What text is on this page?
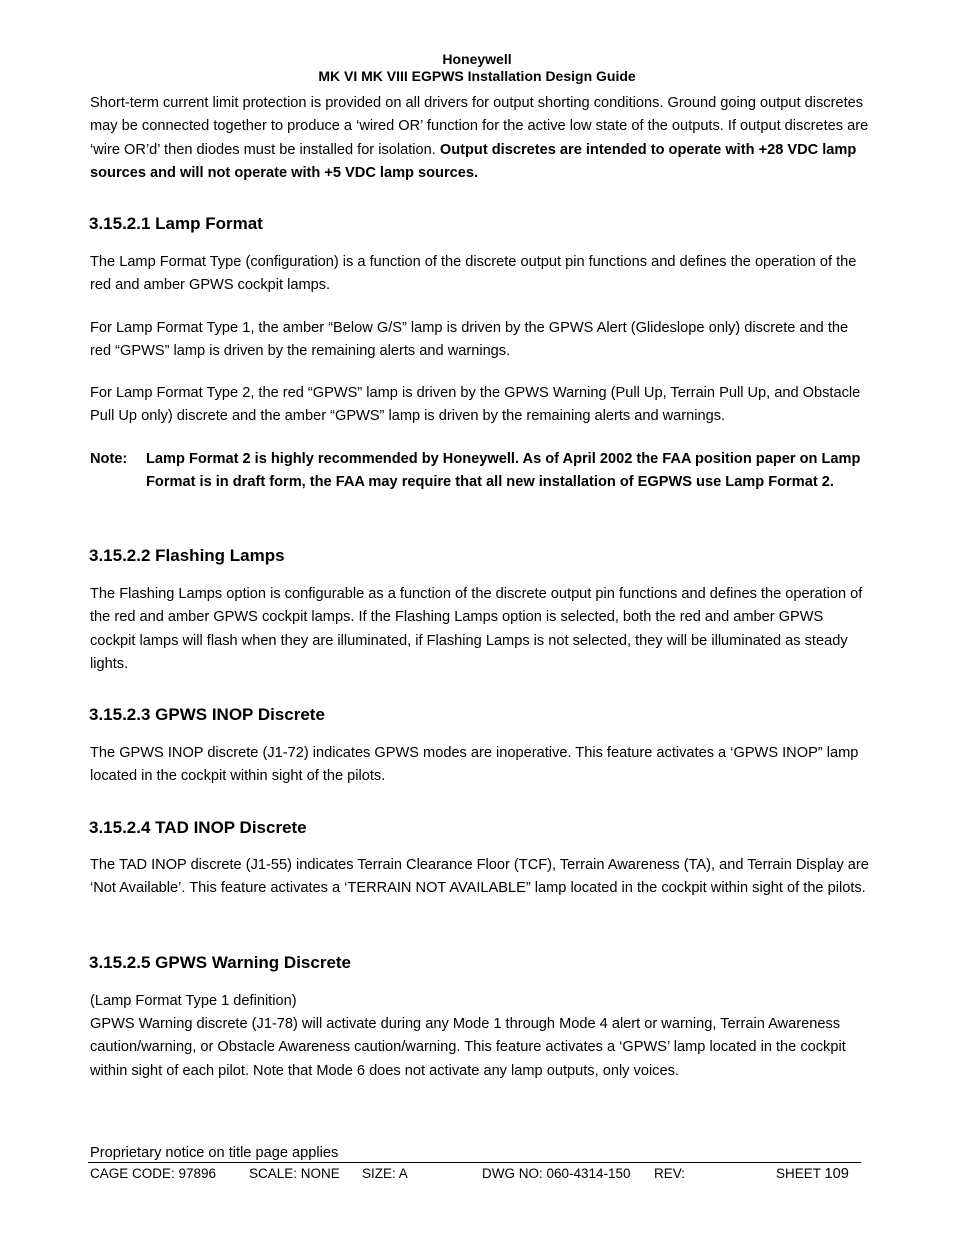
Honeywell
MK VI MK VIII EGPWS Installation Design Guide
Short-term current limit protection is provided on all drivers for output shorting conditions. Ground going output discretes may be connected together to produce a ‘wired OR’ function for the active low state of the outputs. If output discretes are ‘wire OR’d’ then diodes must be installed for isolation. Output discretes are intended to operate with +28 VDC lamp sources and will not operate with +5 VDC lamp sources.
3.15.2.1 Lamp Format
The Lamp Format Type (configuration) is a function of the discrete output pin functions and defines the operation of the red and amber GPWS cockpit lamps.
For Lamp Format Type 1, the amber “Below G/S” lamp is driven by the GPWS Alert (Glideslope only) discrete and the red “GPWS” lamp is driven by the remaining alerts and warnings.
For Lamp Format Type 2, the red “GPWS” lamp is driven by the GPWS Warning (Pull Up, Terrain Pull Up, and Obstacle Pull Up only) discrete and the amber “GPWS” lamp is driven by the remaining alerts and warnings.
Note: Lamp Format 2 is highly recommended by Honeywell. As of April 2002 the FAA position paper on Lamp Format is in draft form, the FAA may require that all new installation of EGPWS use Lamp Format 2.
3.15.2.2 Flashing Lamps
The Flashing Lamps option is configurable as a function of the discrete output pin functions and defines the operation of the red and amber GPWS cockpit lamps. If the Flashing Lamps option is selected, both the red and amber GPWS cockpit lamps will flash when they are illuminated, if Flashing Lamps is not selected, they will be illuminated as steady lights.
3.15.2.3 GPWS INOP Discrete
The GPWS INOP discrete (J1-72) indicates GPWS modes are inoperative. This feature activates a ‘GPWS INOP” lamp located in the cockpit within sight of the pilots.
3.15.2.4 TAD INOP Discrete
The TAD INOP discrete (J1-55) indicates Terrain Clearance Floor (TCF), Terrain Awareness (TA), and Terrain Display are ‘Not Available’. This feature activates a ‘TERRAIN NOT AVAILABLE” lamp located in the cockpit within sight of the pilots.
3.15.2.5 GPWS Warning Discrete
(Lamp Format Type 1 definition)
GPWS Warning discrete (J1-78) will activate during any Mode 1 through Mode 4 alert or warning, Terrain Awareness caution/warning, or Obstacle Awareness caution/warning. This feature activates a ‘GPWS’ lamp located in the cockpit within sight of each pilot. Note that Mode 6 does not activate any lamp outputs, only voices.
Proprietary notice on title page applies
CAGE CODE: 97896 SCALE: NONE SIZE: A	DWG NO: 060-4314-150 REV:	SHEET 109
